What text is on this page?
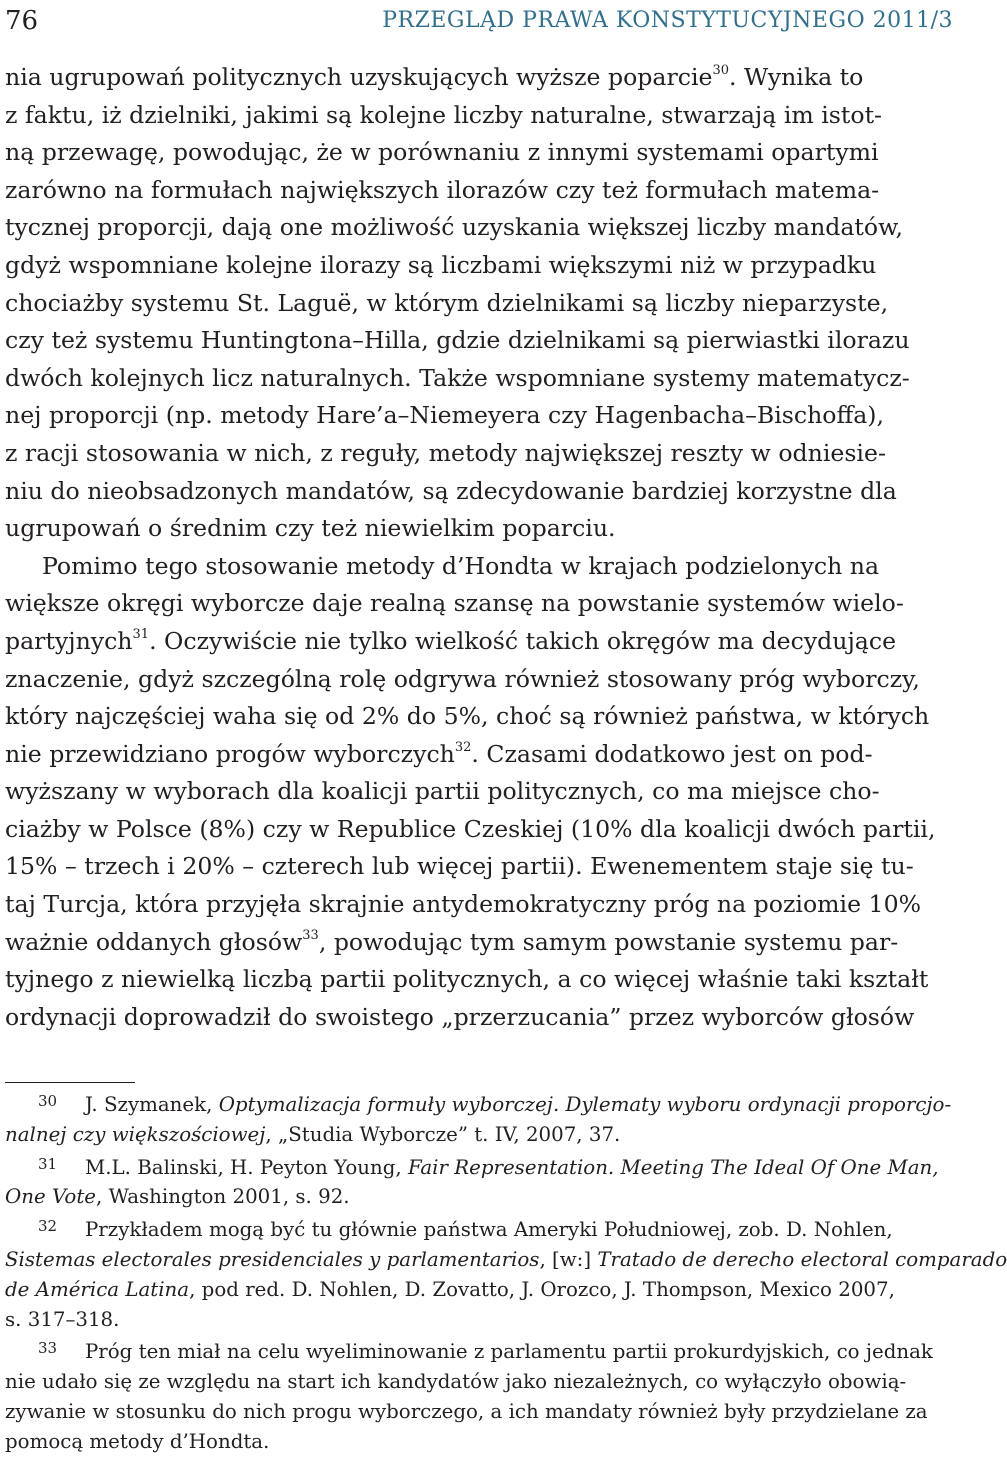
76	PRZEGLĄD PRAWA KONSTYTUCYJNEGO 2011/3

nia ugrupowań politycznych uzyskujących wyższe poparcie$^{30}$. Wynika to
z faktu, iż dzielniki, jakimi są kolejne liczby naturalne, stwarzają im istot-
ną przewagę, powodując, że w porównaniu z innymi systemami opartymi
zarówno na formułach największych ilorazów czy też formułach matema-
tycznej proporcji, dają one możliwość uzyskania większej liczby mandatów,
gdyż wspomniane kolejne ilorazy są liczbami większymi niż w przypadku
chociażby systemu St. Laguë, w którym dzielnikami są liczby nieparzyste,
czy też systemu Huntingtona–Hilla, gdzie dzielnikami są pierwiastki ilorazu
dwóch kolejnych licz naturalnych. Także wspomniane systemy matematycz-
nej proporcji (np. metody Hare’a–Niemeyera czy Hagenbacha–Bischoffa),
z racji stosowania w nich, z reguły, metody największej reszty w odniesie-
niu do nieobsadzonych mandatów, są zdecydowanie bardziej korzystne dla
ugrupowań o średnim czy też niewielkim poparciu.

Pomimo tego stosowanie metody d’Hondta w krajach podzielonych na
większe okręgi wyborcze daje realną szansę na powstanie systemów wielo-
partyjnych$^{31}$. Oczywiście nie tylko wielkość takich okręgów ma decydujące
znaczenie, gdyż szczególną rolę odgrywa również stosowany próg wyborczy,
który najczęściej waha się od 2% do 5%, choć są również państwa, w których
nie przewidziano progów wyborczych$^{32}$. Czasami dodatkowo jest on pod-
wyższany w wyborach dla koalicji partii politycznych, co ma miejsce cho-
ciażby w Polsce (8%) czy w Republice Czeskiej (10% dla koalicji dwóch partii,
15% – trzech i 20% – czterech lub więcej partii). Ewenementem staje się tu-
taj Turcja, która przyjęła skrajnie antydemokratyczny próg na poziomie 10%
ważnie oddanych głosów$^{33}$, powodując tym samym powstanie systemu par-
tyjnego z niewielką liczbą partii politycznych, a co więcej właśnie taki kształt
ordynacji doprowadził do swoistego „przerzucania” przez wyborców głosów

30 J. Szymanek, Optymalizacja formuły wyborczej. Dylematy wyboru ordynacji proporcjo-
nalnej czy większościowej, „Studia Wyborcze” t. IV, 2007, 37.

31 M.L. Balinski, H. Peyton Young, Fair Representation. Meeting The Ideal Of One Man,
One Vote, Washington 2001, s. 92.

32 Przykładem mogą być tu głównie państwa Ameryki Południowej, zob. D. Nohlen,
Sistemas electorales presidenciales y parlamentarios, [w:] Tratado de derecho electoral comparado
de América Latina, pod red. D. Nohlen, D. Zovatto, J. Orozco, J. Thompson, Mexico 2007,
s. 317–318.

33 Próg ten miał na celu wyeliminowanie z parlamentu partii prokurdyjskich, co jednak
nie udało się ze względu na start ich kandydatów jako niezależnych, co wyłączyło obowią-
zywanie w stosunku do nich progu wyborczego, a ich mandaty również były przydzielane za
pomocą metody d’Hondta.
